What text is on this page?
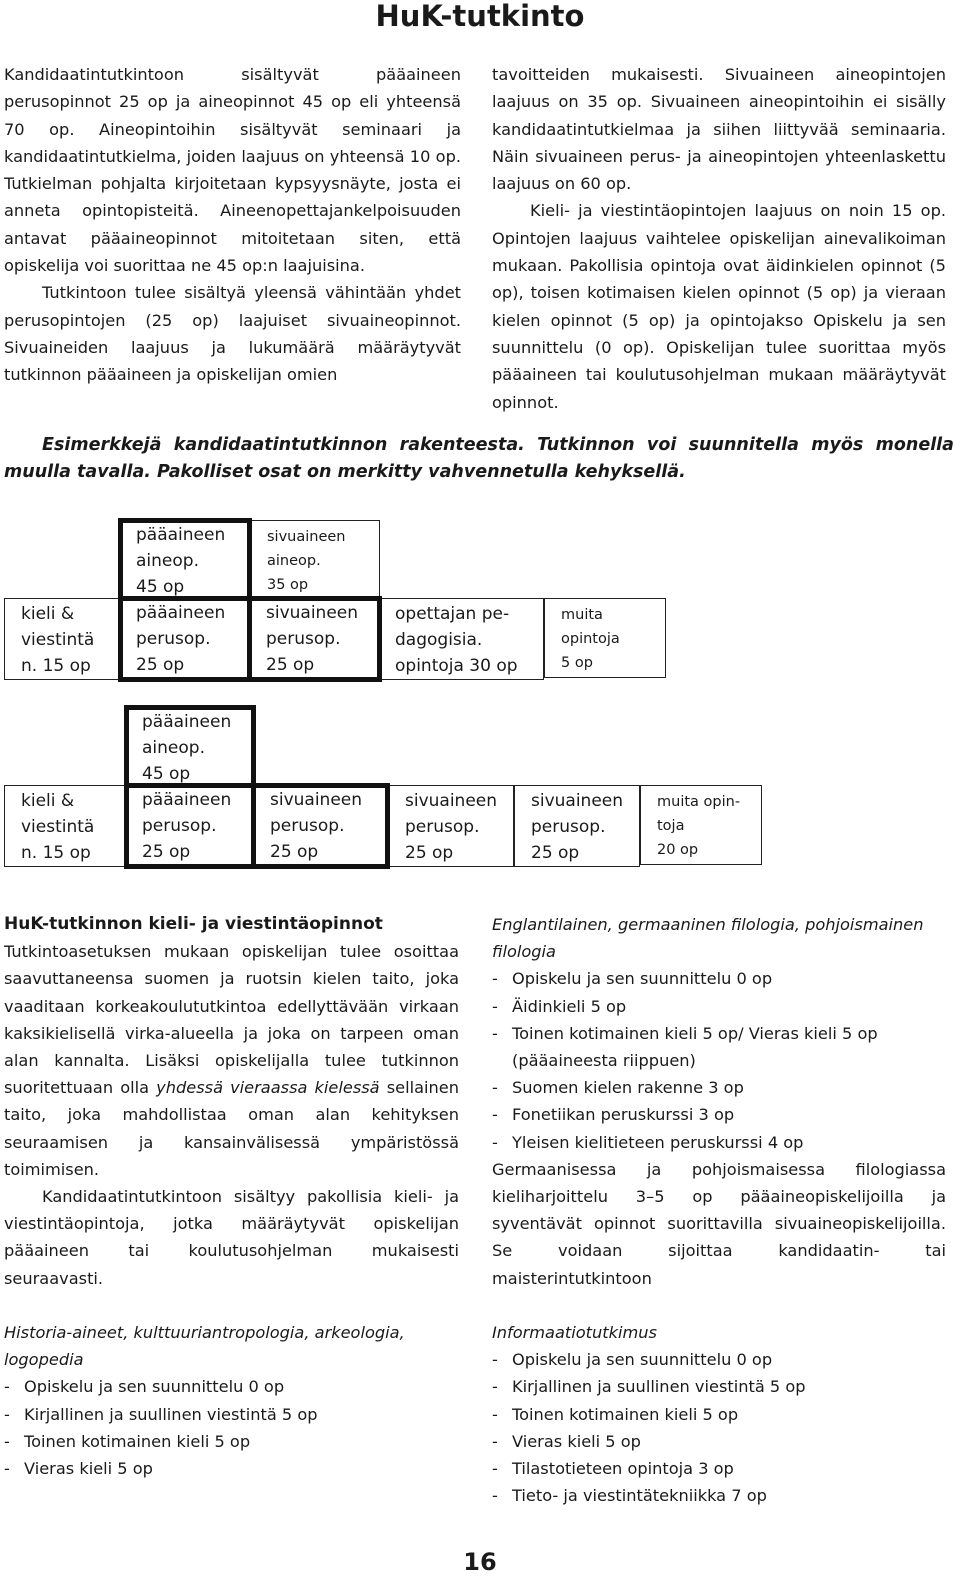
HuK-tutkinto

Kandidaatintutkintoon sisältyvät pääaineen perusopinnot 25 op ja aineopinnot 45 op eli yhteensä 70 op. Aineopintoihin sisältyvät seminaari ja kandidaatintutkielma, joiden laajuus on yhteensä 10 op. Tutkielman pohjalta kirjoitetaan kypsyysnäyte, josta ei anneta opintopisteitä. Aineenopettajankelpoisuuden antavat pääaineopinnot mitoitetaan siten, että opiskelija voi suorittaa ne 45 op:n laajuisina.

Tutkintoon tulee sisältyä yleensä vähintään yhdet perusopintojen (25 op) laajuiset sivuaineopinnot. Sivuaineiden laajuus ja lukumäärä määräytyvät tutkinnon pääaineen ja opiskelijan omien

tavoitteiden mukaisesti. Sivuaineen aineopintojen laajuus on 35 op. Sivuaineen aineopintoihin ei sisälly kandidaatintutkielmaa ja siihen liittyvää seminaaria. Näin sivuaineen perus- ja aineopintojen yhteenlaskettu laajuus on 60 op.

Kieli- ja viestintäopintojen laajuus on noin 15 op. Opintojen laajuus vaihtelee opiskelijan ainevalikoiman mukaan. Pakollisia opintoja ovat äidinkielen opinnot (5 op), toisen kotimaisen kielen opinnot (5 op) ja vieraan kielen opinnot (5 op) ja opintojakso Opiskelu ja sen suunnittelu (0 op). Opiskelijan tulee suorittaa myös pääaineen tai koulutusohjelman mukaan määräytyvät opinnot.

Esimerkkejä kandidaatintutkinnon rakenteesta. Tutkinnon voi suunnitella myös monella muulla tavalla. Pakolliset osat on merkitty vahvennetulla kehyksellä.
kieli &
viestintä
n. 15 op
pääaineen
aineop.
45 op
pääaineen
perusop.
25 op
sivuaineen
aineop.
35 op
sivuaineen
perusop.
25 op
opettajan pe-
dagogisia.
opintoja 30 op
muita
opintoja
5 op
kieli &
viestintä
n. 15 op
pääaineen
aineop.
45 op
pääaineen
perusop.
25 op
sivuaineen
perusop.
25 op
sivuaineen
perusop.
25 op
sivuaineen
perusop.
25 op
muita opin-
toja
20 op
HuK-tutkinnon kieli- ja viestintäopinnot

Tutkintoasetuksen mukaan opiskelijan tulee osoittaa saavuttaneensa suomen ja ruotsin kielen taito, joka vaaditaan korkeakoulututkintoa edellyttävään virkaan kaksikielisellä virka-alueella ja joka on tarpeen oman alan kannalta. Lisäksi opiskelijalla tulee tutkinnon suoritettuaan olla yhdessä vieraassa kielessä sellainen taito, joka mahdollistaa oman alan kehityksen seuraamisen ja kansainvälisessä ympäristössä toimimisen.

Kandidaatintutkintoon sisältyy pakollisia kieli- ja viestintäopintoja, jotka määräytyvät opiskelijan pääaineen tai koulutusohjelman mukaisesti seuraavasti.

Historia-aineet, kulttuuriantropologia, arkeologia, logopedia
- Opiskelu ja sen suunnittelu 0 op
- Kirjallinen ja suullinen viestintä 5 op
- Toinen kotimainen kieli 5 op
- Vieras kieli 5 op
Englantilainen, germaaninen filologia, pohjoismainen filologia
- Opiskelu ja sen suunnittelu 0 op
- Äidinkieli 5 op
- Toinen kotimainen kieli 5 op/ Vieras kieli 5 op (pääaineesta riippuen)
- Suomen kielen rakenne 3 op
- Fonetiikan peruskurssi 3 op
- Yleisen kielitieteen peruskurssi 4 op

Germaanisessa ja pohjoismaisessa filologiassa kieliharjoittelu 3–5 op pääaineopiskelijoilla ja syventävät opinnot suorittavilla sivuaineopiskelijoilla. Se voidaan sijoittaa kandidaatin- tai maisterintutkintoon

Informaatiotutkimus
- Opiskelu ja sen suunnittelu 0 op
- Kirjallinen ja suullinen viestintä 5 op
- Toinen kotimainen kieli 5 op
- Vieras kieli 5 op
- Tilastotieteen opintoja 3 op
- Tieto- ja viestintätekniikka 7 op
16
